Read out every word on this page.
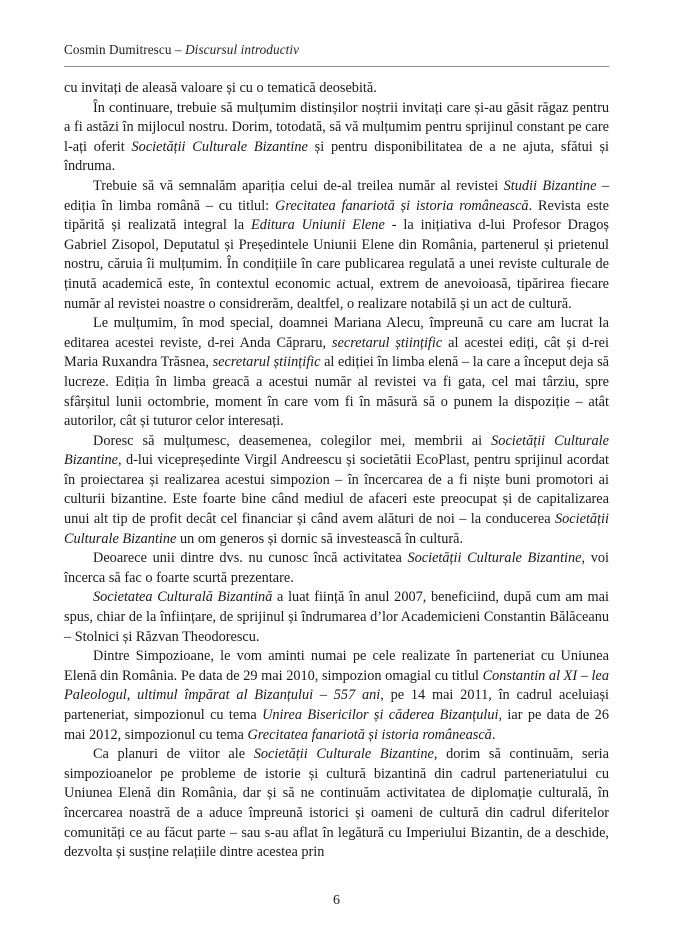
Cosmin Dumitrescu – Discursul introductiv

cu invitați de aleasă valoare și cu o tematică deosebită.

În continuare, trebuie să mulțumim distinșilor noștrii invitați care și-au găsit răgaz pentru a fi astăzi în mijlocul nostru. Dorim, totodată, să vă mulțumim pentru sprijinul constant pe care l-ați oferit Societății Culturale Bizantine și pentru disponibilitatea de a ne ajuta, sfătui și îndruma.

Trebuie să vă semnalăm apariția celui de-al treilea număr al revistei Studii Bizantine – ediția în limba română – cu titlul: Grecitatea fanariotă și istoria românească. Revista este tipărită și realizată integral la Editura Uniunii Elene - la inițiativa d-lui Profesor Dragoș Gabriel Zisopol, Deputatul și Președintele Uniunii Elene din România, partenerul și prietenul nostru, căruia îi mulțumim. În condițiile în care publicarea regulată a unei reviste culturale de ținută academică este, în contextul economic actual, extrem de anevoioasă, tipărirea fiecare număr al revistei noastre o considrerăm, dealtfel, o realizare notabilă și un act de cultură.

Le mulțumim, în mod special, doamnei Mariana Alecu, împreună cu care am lucrat la editarea acestei reviste, d-rei Anda Căpraru, secretarul științific al acestei ediți, cât și d-rei Maria Ruxandra Trăsnea, secretarul științific al ediției în limba elenă – la care a început deja să lucreze. Ediția în limba greacă a acestui număr al revistei va fi gata, cel mai târziu, spre sfârșitul lunii octombrie, moment în care vom fi în măsură să o punem la dispoziție – atât autorilor, cât și tuturor celor interesați.

Doresc să mulțumesc, deasemenea, colegilor mei, membrii ai Societății Culturale Bizantine, d-lui vicepreședinte Virgil Andreescu și societătii EcoPlast, pentru sprijinul acordat în proiectarea și realizarea acestui simpozion – în încercarea de a fi niște buni promotori ai culturii bizantine. Este foarte bine când mediul de afaceri este preocupat și de capitalizarea unui alt tip de profit decât cel financiar și când avem alături de noi – la conducerea Societății Culturale Bizantine un om generos și dornic să investească în cultură.

Deoarece unii dintre dvs. nu cunosc încă activitatea Societății Culturale Bizantine, voi încerca să fac o foarte scurtă prezentare.

Societatea Culturală Bizantină a luat ființă în anul 2007, beneficiind, după cum am mai spus, chiar de la înființare, de sprijinul și îndrumarea d’lor Academicieni Constantin Bălăceanu – Stolnici și Răzvan Theodorescu.

Dintre Simpozioane, le vom aminti numai pe cele realizate în parteneriat cu Uniunea Elenă din România. Pe data de 29 mai 2010, simpozion omagial cu titlul Constantin al XI – lea Paleologul, ultimul împărat al Bizanțului – 557 ani, pe 14 mai 2011, în cadrul aceluiași parteneriat, simpozionul cu tema Unirea Bisericilor și căderea Bizanțului, iar pe data de 26 mai 2012, simpozionul cu tema Grecitatea fanariotă și istoria românească.

Ca planuri de viitor ale Societății Culturale Bizantine, dorim să continuăm, seria simpozioanelor pe probleme de istorie și cultură bizantină din cadrul parteneriatului cu Uniunea Elenă din România, dar și să ne continuăm activitatea de diplomație culturală, în încercarea noastră de a aduce împreună istorici și oameni de cultură din cadrul diferitelor comunități ce au făcut parte – sau s-au aflat în legătură cu Imperiului Bizantin, de a deschide, dezvolta și susține relațiile dintre acestea prin

6
